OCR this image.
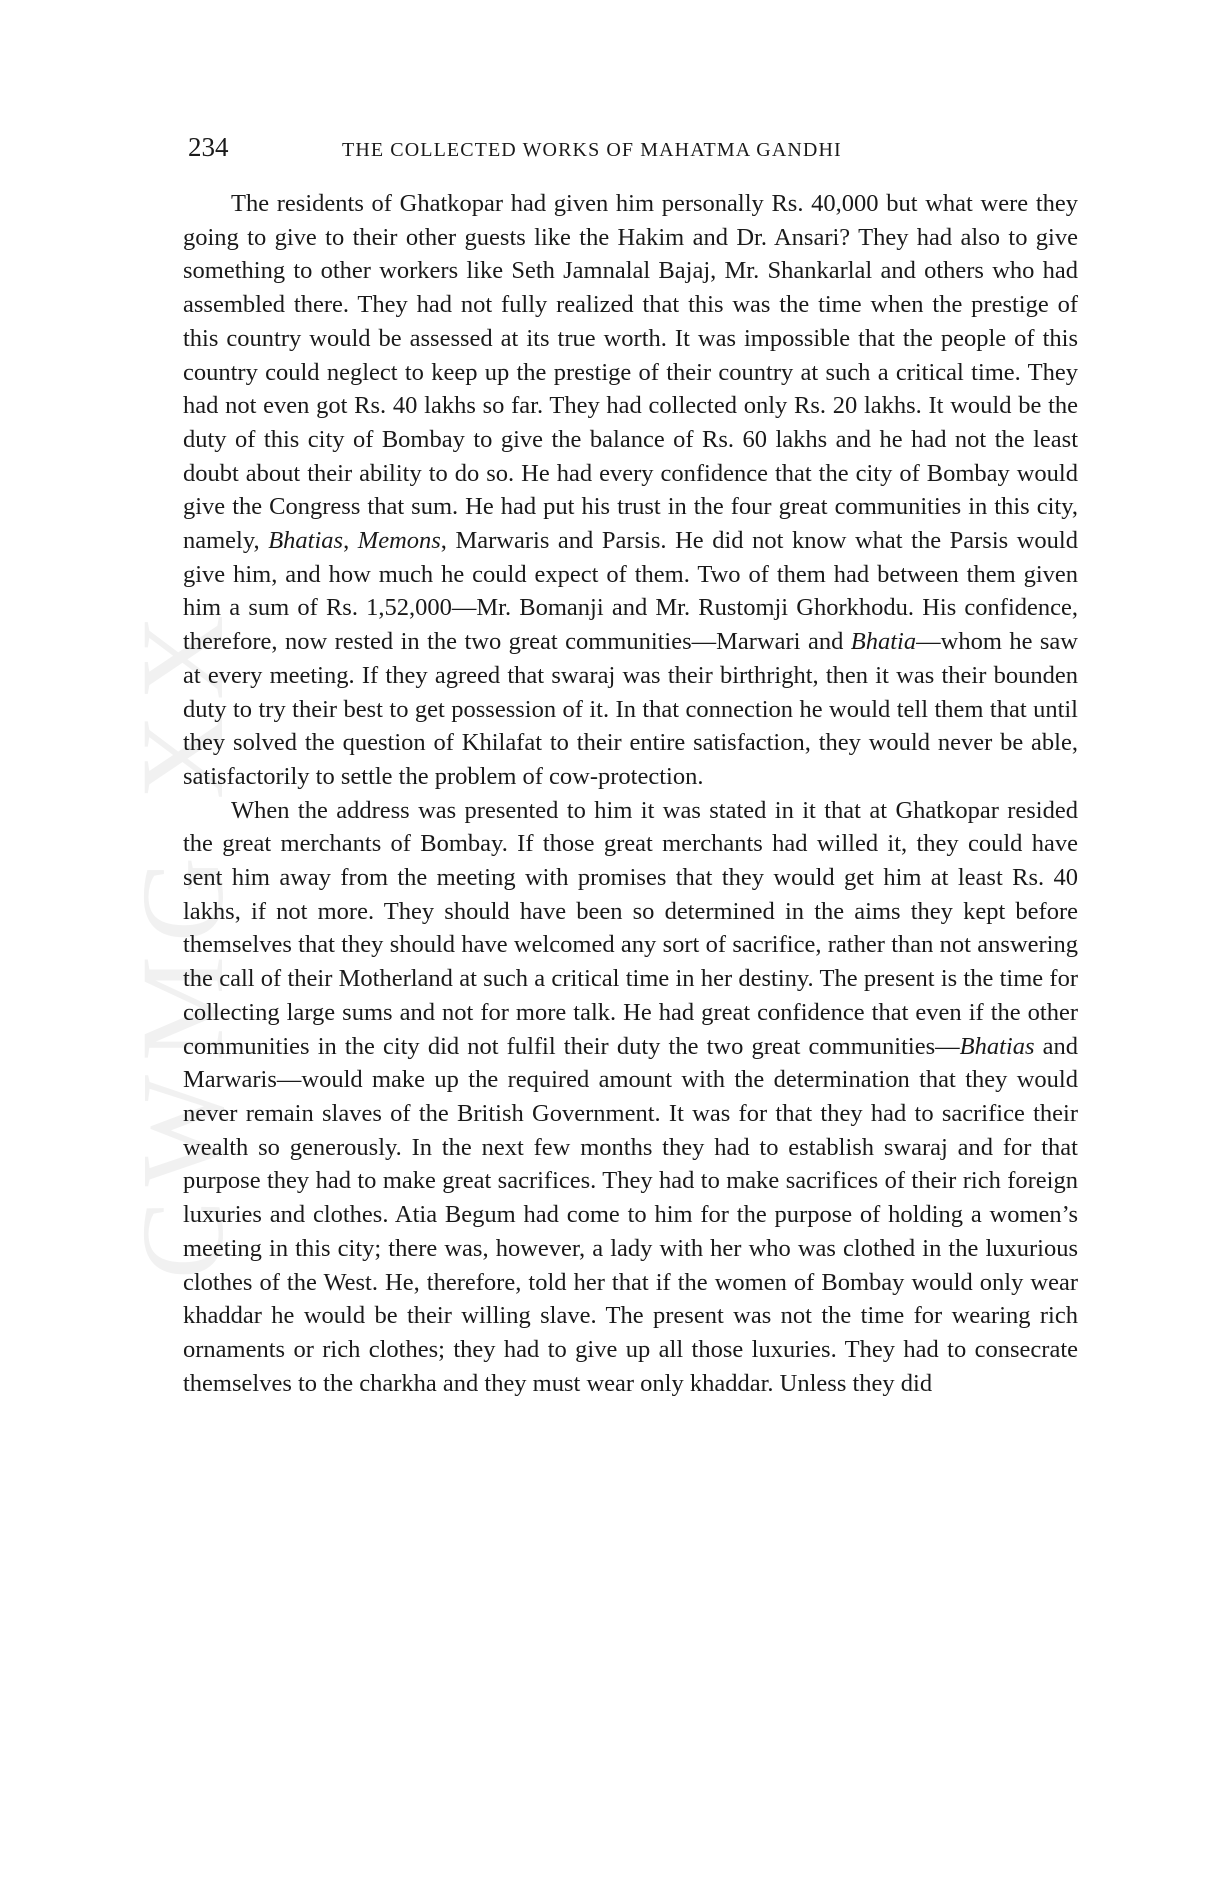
CWMG XX
234	THE COLLECTED WORKS OF MAHATMA GANDHI

The residents of Ghatkopar had given him personally Rs. 40,000 but what were they going to give to their other guests like the Hakim and Dr. Ansari? They had also to give something to other workers like Seth Jamnalal Bajaj, Mr. Shankarlal and others who had assembled there. They had not fully realized that this was the time when the prestige of this country would be assessed at its true worth. It was impossible that the people of this country could neglect to keep up the prestige of their country at such a critical time. They had not even got Rs. 40 lakhs so far. They had collected only Rs. 20 lakhs. It would be the duty of this city of Bombay to give the balance of Rs. 60 lakhs and he had not the least doubt about their ability to do so. He had every confidence that the city of Bombay would give the Congress that sum. He had put his trust in the four great communities in this city, namely, Bhatias, Memons, Marwaris and Parsis. He did not know what the Parsis would give him, and how much he could expect of them. Two of them had between them given him a sum of Rs. 1,52,000—Mr. Bomanji and Mr. Rustomji Ghorkhodu. His confidence, therefore, now rested in the two great communities—Marwari and Bhatia—whom he saw at every meeting. If they agreed that swaraj was their birthright, then it was their bounden duty to try their best to get possession of it. In that connection he would tell them that until they solved the question of Khilafat to their entire satisfaction, they would never be able, satisfactorily to settle the problem of cow-protection.

When the address was presented to him it was stated in it that at Ghatkopar resided the great merchants of Bombay. If those great merchants had willed it, they could have sent him away from the meeting with promises that they would get him at least Rs. 40 lakhs, if not more. They should have been so determined in the aims they kept before themselves that they should have welcomed any sort of sacrifice, rather than not answering the call of their Motherland at such a critical time in her destiny. The present is the time for collecting large sums and not for more talk. He had great confidence that even if the other communities in the city did not fulfil their duty the two great communities—Bhatias and Marwaris—would make up the required amount with the determination that they would never remain slaves of the British Government. It was for that they had to sacrifice their wealth so generously. In the next few months they had to establish swaraj and for that purpose they had to make great sacrifices. They had to make sacrifices of their rich foreign luxuries and clothes. Atia Begum had come to him for the purpose of holding a women’s meeting in this city; there was, however, a lady with her who was clothed in the luxurious clothes of the West. He, therefore, told her that if the women of Bombay would only wear khaddar he would be their willing slave. The present was not the time for wearing rich ornaments or rich clothes; they had to give up all those luxuries. They had to consecrate themselves to the charkha and they must wear only khaddar. Unless they did
